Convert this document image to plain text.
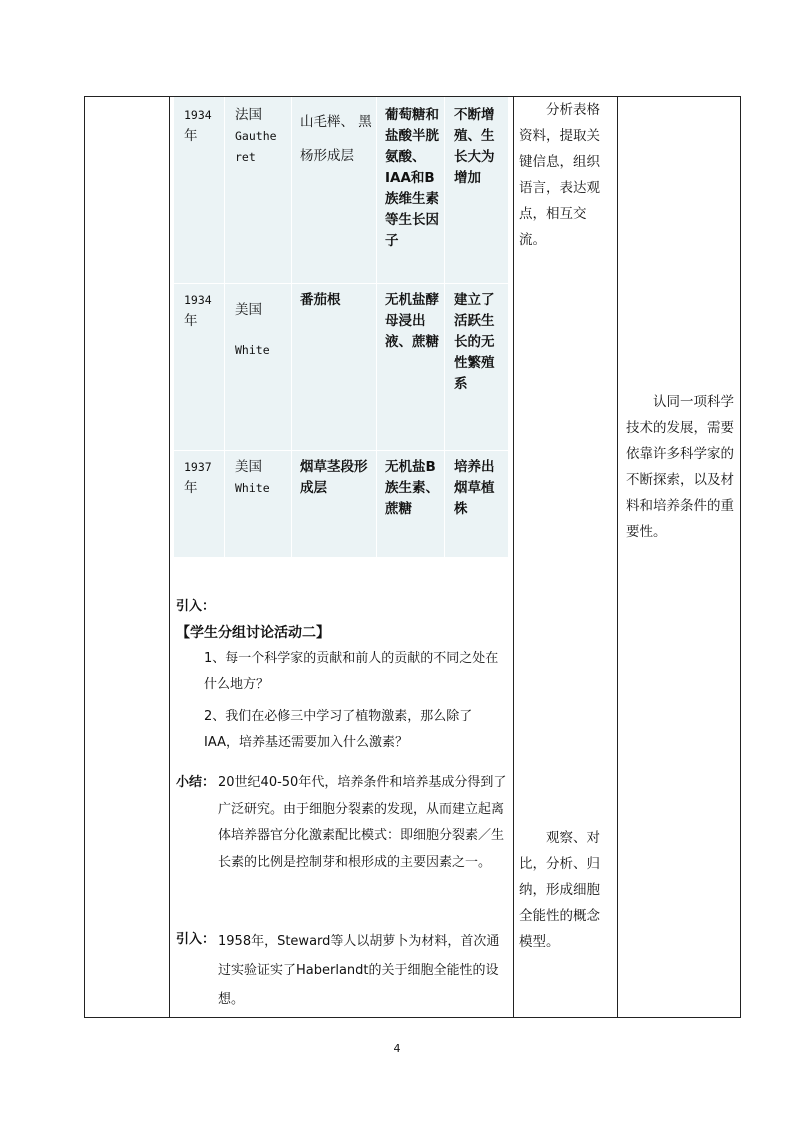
1934
年
法国
Gauthe ret
山毛榉、 黑杨形成层
葡萄糖和盐酸半胱氨酸、IAA和B族维生素等生长因子
不断增殖、生长大为增加
1934
年
美国
White
番茄根	无机盐酵母浸出液、蔗糖
建立了活跃生长的无性繁殖系
1937
年
美国
White
烟草茎段形成层
无机盐B族生素、蔗糖
培养出烟草植株
引入：
【学生分组讨论活动二】
1、每一个科学家的贡献和前人的贡献的不同之处在什么地方？
2、我们在必修三中学习了植物激素，那么除了IAA，培养基还需要加入什么激素？
小结： 20世纪40-50年代，培养条件和培养基成分得到了广泛研究。由于细胞分裂素的发现，从而建立起离体培养器官分化激素配比模式：即细胞分裂素／生长素的比例是控制芽和根形成的主要因素之一。
引入： 1958年，Steward等人以胡萝卜为材料，首次通过实验证实了Haberlandt的关于细胞全能性的设想。
分析表格资料，提取关键信息，组织语言，表达观点，相互交流。
观察、对比，分析、归纳，形成细胞全能性的概念模型。
认同一项科学技术的发展，需要依靠许多科学家的不断探索，以及材料和培养条件的重要性。
4
